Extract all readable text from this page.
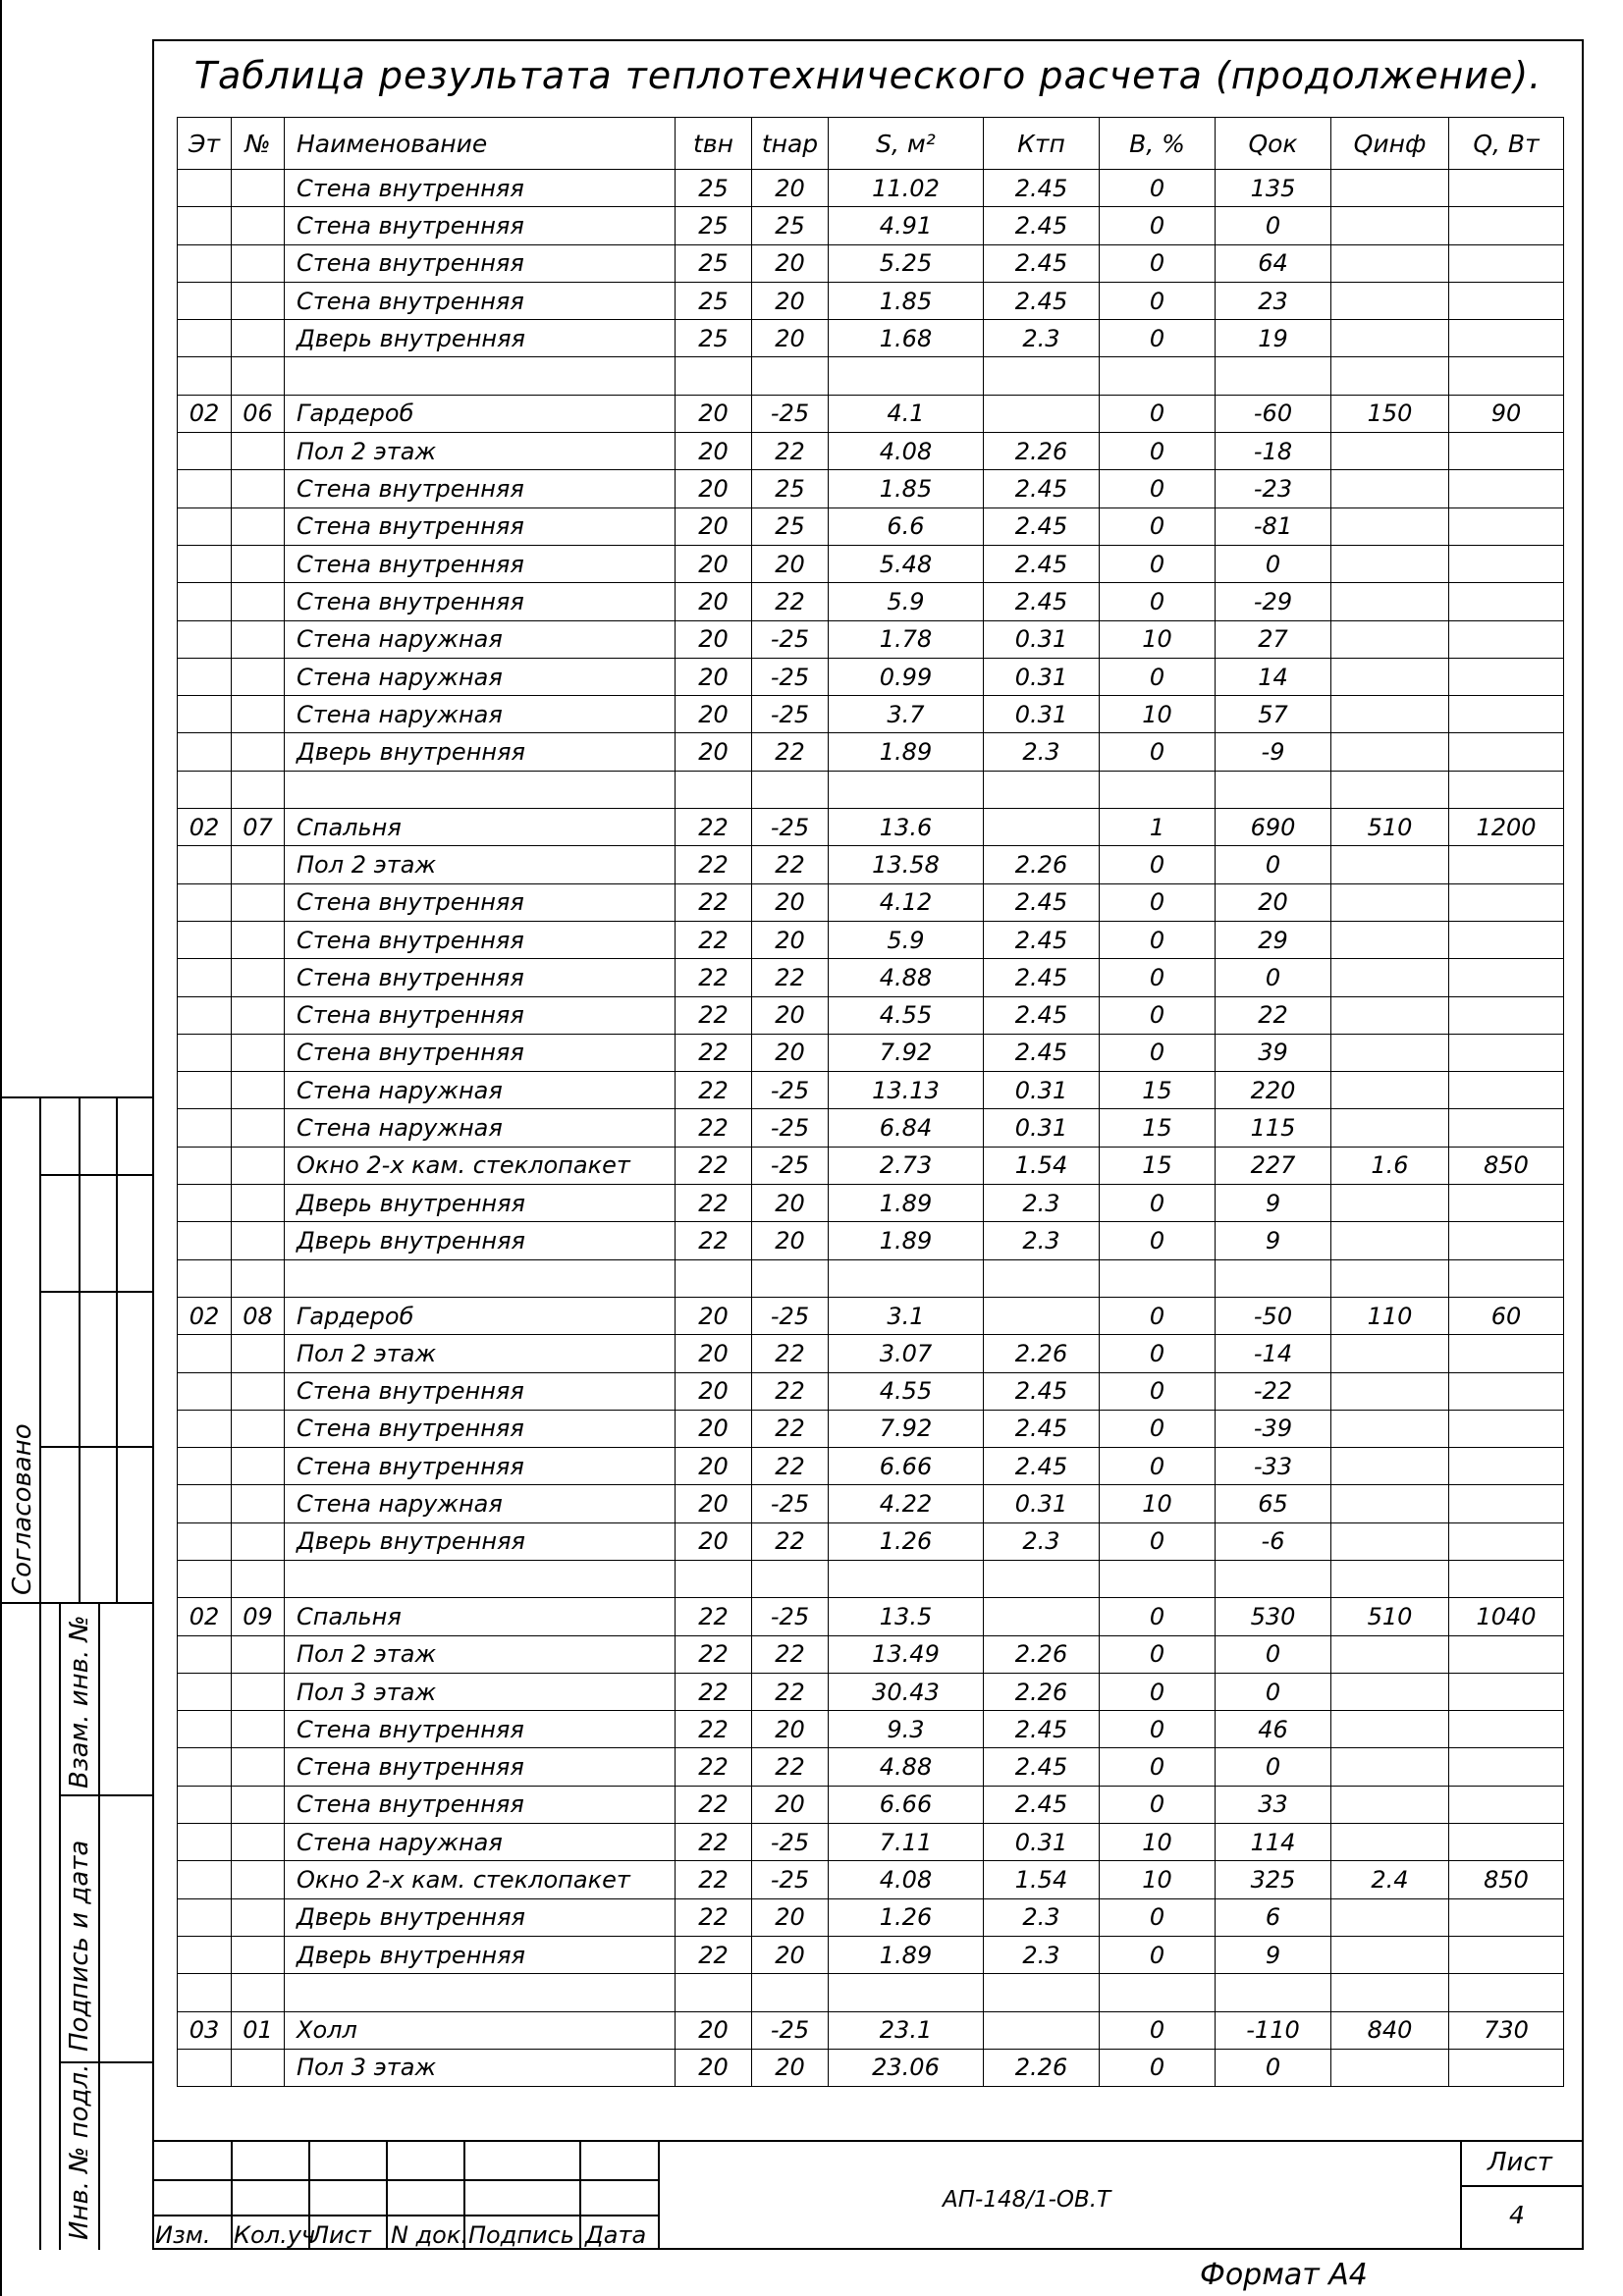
Таблица результата теплотехнического расчета (продолжение).
Эт	№	Наименование	tвн	tнар	S, м²	Ктп	В, %	Qок	Qинф	Q, Вт
		Стена внутренняя	25	20	11.02	2.45	0	135		
		Стена внутренняя	25	25	4.91	2.45	0	0		
		Стена внутренняя	25	20	5.25	2.45	0	64		
		Стена внутренняя	25	20	1.85	2.45	0	23		
		Дверь внутренняя	25	20	1.68	2.3	0	19		

02	06	Гардероб	20	-25	4.1		0	-60	150	90
		Пол 2 этаж	20	22	4.08	2.26	0	-18		
		Стена внутренняя	20	25	1.85	2.45	0	-23		
		Стена внутренняя	20	25	6.6	2.45	0	-81		
		Стена внутренняя	20	20	5.48	2.45	0	0		
		Стена внутренняя	20	22	5.9	2.45	0	-29		
		Стена наружная	20	-25	1.78	0.31	10	27		
		Стена наружная	20	-25	0.99	0.31	0	14		
		Стена наружная	20	-25	3.7	0.31	10	57		
		Дверь внутренняя	20	22	1.89	2.3	0	-9		

02	07	Спальня	22	-25	13.6		1	690	510	1200
		Пол 2 этаж	22	22	13.58	2.26	0	0		
		Стена внутренняя	22	20	4.12	2.45	0	20		
		Стена внутренняя	22	20	5.9	2.45	0	29		
		Стена внутренняя	22	22	4.88	2.45	0	0		
		Стена внутренняя	22	20	4.55	2.45	0	22		
		Стена внутренняя	22	20	7.92	2.45	0	39		
		Стена наружная	22	-25	13.13	0.31	15	220		
		Стена наружная	22	-25	6.84	0.31	15	115		
		Окно 2-х кам. стеклопакет	22	-25	2.73	1.54	15	227	1.6	850
		Дверь внутренняя	22	20	1.89	2.3	0	9		
		Дверь внутренняя	22	20	1.89	2.3	0	9		

02	08	Гардероб	20	-25	3.1		0	-50	110	60
		Пол 2 этаж	20	22	3.07	2.26	0	-14		
		Стена внутренняя	20	22	4.55	2.45	0	-22		
		Стена внутренняя	20	22	7.92	2.45	0	-39		
		Стена внутренняя	20	22	6.66	2.45	0	-33		
		Стена наружная	20	-25	4.22	0.31	10	65		
		Дверь внутренняя	20	22	1.26	2.3	0	-6		

02	09	Спальня	22	-25	13.5		0	530	510	1040
		Пол 2 этаж	22	22	13.49	2.26	0	0		
		Пол 3 этаж	22	22	30.43	2.26	0	0		
		Стена внутренняя	22	20	9.3	2.45	0	46		
		Стена внутренняя	22	22	4.88	2.45	0	0		
		Стена внутренняя	22	20	6.66	2.45	0	33		
		Стена наружная	22	-25	7.11	0.31	10	114		
		Окно 2-х кам. стеклопакет	22	-25	4.08	1.54	10	325	2.4	850
		Дверь внутренняя	22	20	1.26	2.3	0	6		
		Дверь внутренняя	22	20	1.89	2.3	0	9		

03	01	Холл	20	-25	23.1		0	-110	840	730
		Пол 3 этаж	20	20	23.06	2.26	0	0		
Согласовано
Взам. инв. №
Подпись и дата
Инв. № подл.	Изм. Кол.уч
Лист N док. Подпись Дата
АП-148/1-ОВ.Т
Лист
4
Формат А4
